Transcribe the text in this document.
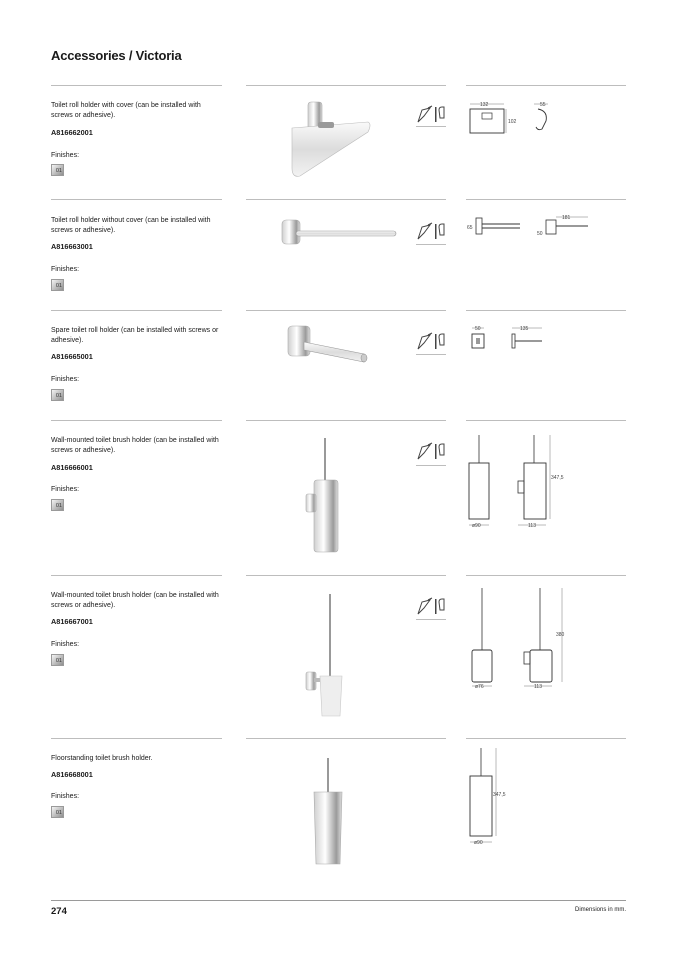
Accessories / Victoria
Toilet roll holder with cover (can be installed with screws or adhesive).
A816662001
Finishes:
01
132	55
102
Toilet roll holder without cover (can be installed with screws or adhesive).
A816663001
Finishes:
01
65
50
181
Spare toilet roll holder (can be installed with screws or adhesive).
A816665001
Finishes:
01
50	135
Wall-mounted toilet brush holder (can be installed with screws or adhesive).
A816666001
Finishes:
01
347,5
ø90	113
Wall-mounted toilet brush holder (can be installed with screws or adhesive).
A816667001
Finishes:
01
380
ø76	113
Floorstanding toilet brush holder.
A816668001
Finishes:
01
347,5
ø90
274	Dimensions in mm.
